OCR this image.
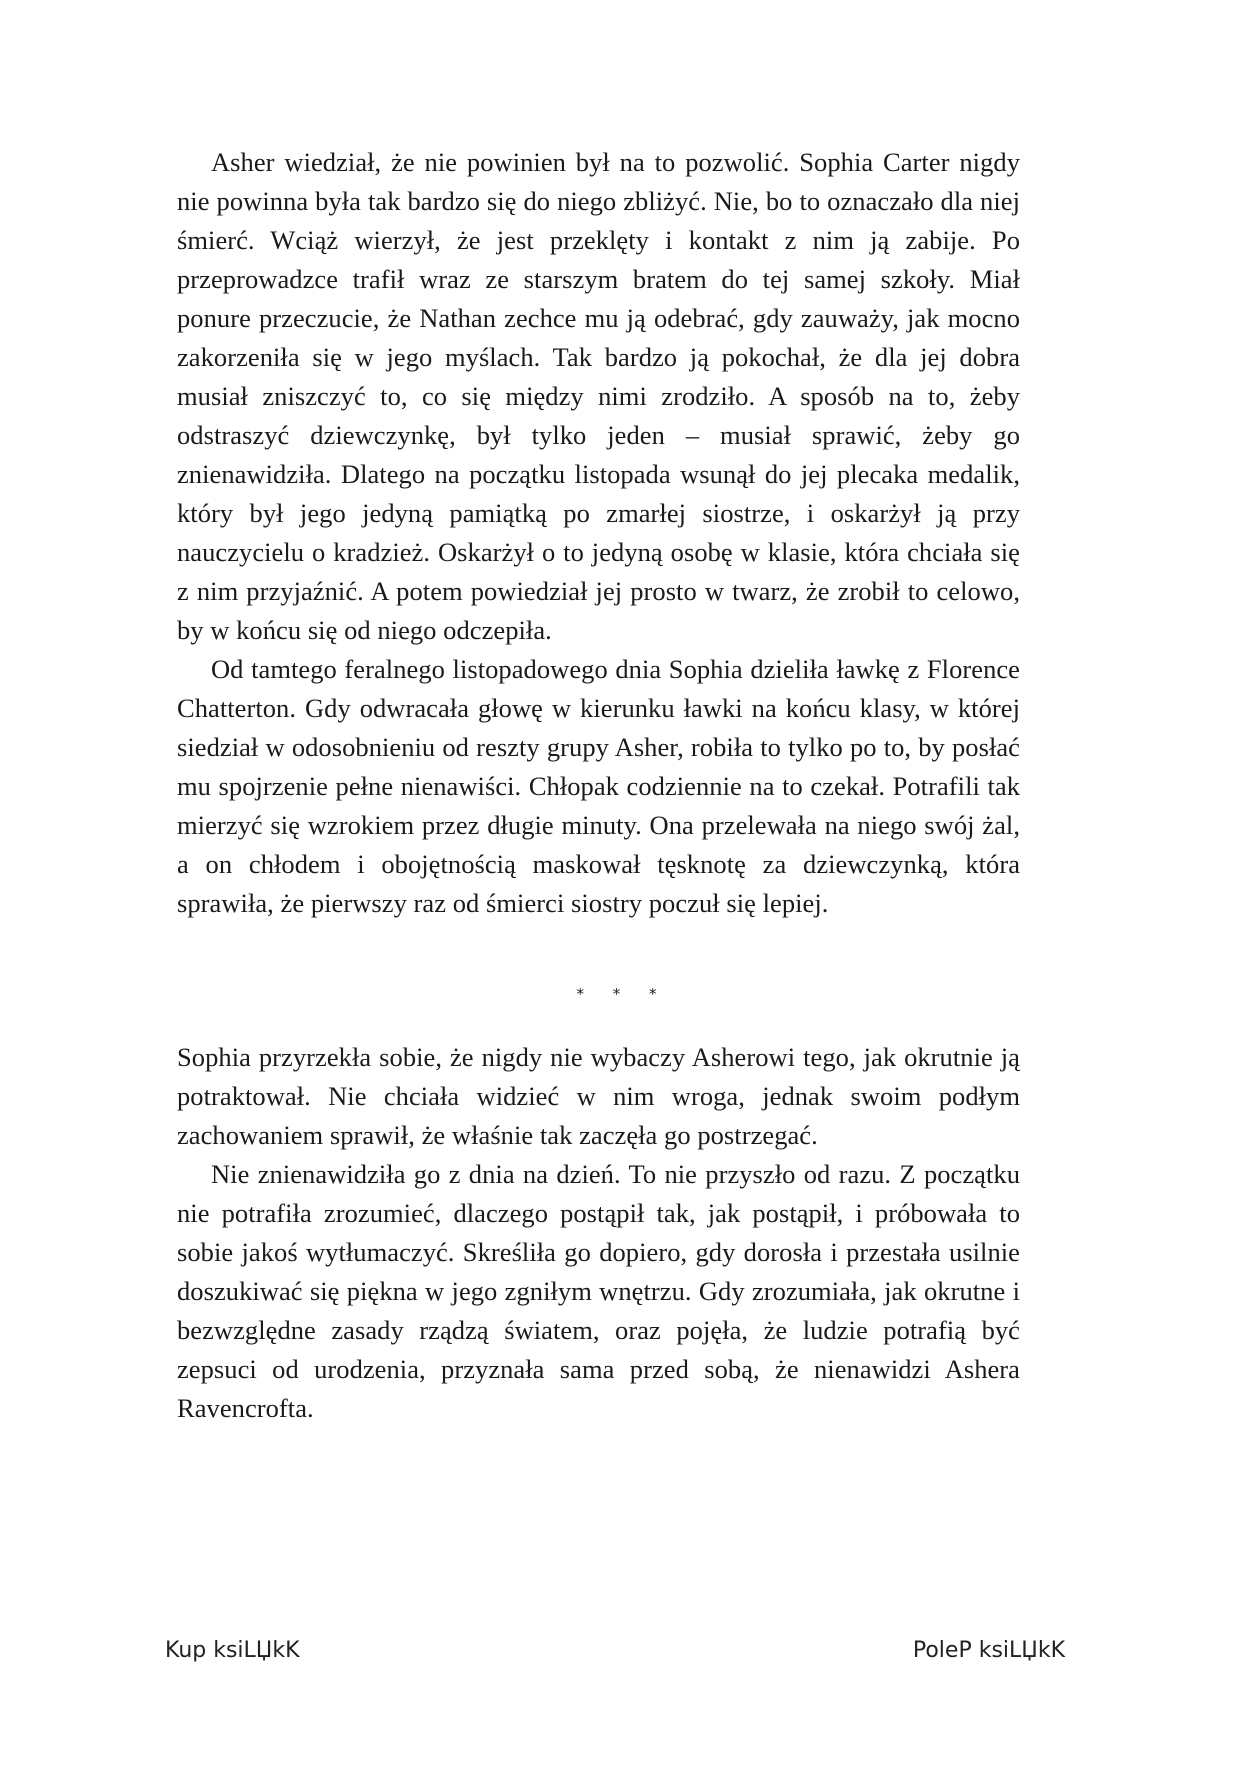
Asher wiedział, że nie powinien był na to pozwolić. Sophia Carter nigdy nie powinna była tak bardzo się do niego zbliżyć. Nie, bo to oznaczało dla niej śmierć. Wciąż wierzył, że jest przeklęty i kontakt z nim ją zabije. Po przeprowadzce trafił wraz ze starszym bratem do tej samej szkoły. Miał ponure przeczucie, że Nathan zechce mu ją odebrać, gdy zauważy, jak mocno zakorzeniła się w jego myślach. Tak bardzo ją pokochał, że dla jej dobra musiał zniszczyć to, co się między nimi zrodziło. A sposób na to, żeby odstraszyć dziewczynkę, był tylko jeden – musiał sprawić, żeby go znienawidziła. Dlatego na początku listopada wsunął do jej plecaka medalik, który był jego jedyną pamiątką po zmarłej siostrze, i oskarżył ją przy nauczycielu o kradzież. Oskarżył o to jedyną osobę w klasie, która chciała się z nim przyjaźnić. A potem powiedział jej prosto w twarz, że zrobił to celowo, by w końcu się od niego odczepiła.

Od tamtego feralnego listopadowego dnia Sophia dzieliła ławkę z Florence Chatterton. Gdy odwracała głowę w kierunku ławki na końcu klasy, w której siedział w odosobnieniu od reszty grupy Asher, robiła to tylko po to, by posłać mu spojrzenie pełne nienawiści. Chłopak codziennie na to czekał. Potrafili tak mierzyć się wzrokiem przez długie minuty. Ona przelewała na niego swój żal, a on chłodem i obojętnością maskował tęsknotę za dziewczynką, która sprawiła, że pierwszy raz od śmierci siostry poczuł się lepiej.

* * *

Sophia przyrzekła sobie, że nigdy nie wybaczy Asherowi tego, jak okrutnie ją potraktował. Nie chciała widzieć w nim wroga, jednak swoim podłym zachowaniem sprawił, że właśnie tak zaczęła go postrzegać.

Nie znienawidziła go z dnia na dzień. To nie przyszło od razu. Z początku nie potrafiła zrozumieć, dlaczego postąpił tak, jak postąpił, i próbowała to sobie jakoś wytłumaczyć. Skreśliła go dopiero, gdy dorosła i przestała usilnie doszukiwać się piękna w jego zgniłym wnętrzu. Gdy zrozumiała, jak okrutne i bezwzględne zasady rządzą światem, oraz pojęła, że ludzie potrafią być zepsuci od urodzenia, przyznała sama przed sobą, że nienawidzi Ashera Ravencrofta.

Kup ksiLЏkK	PoleP ksiLЏkK
